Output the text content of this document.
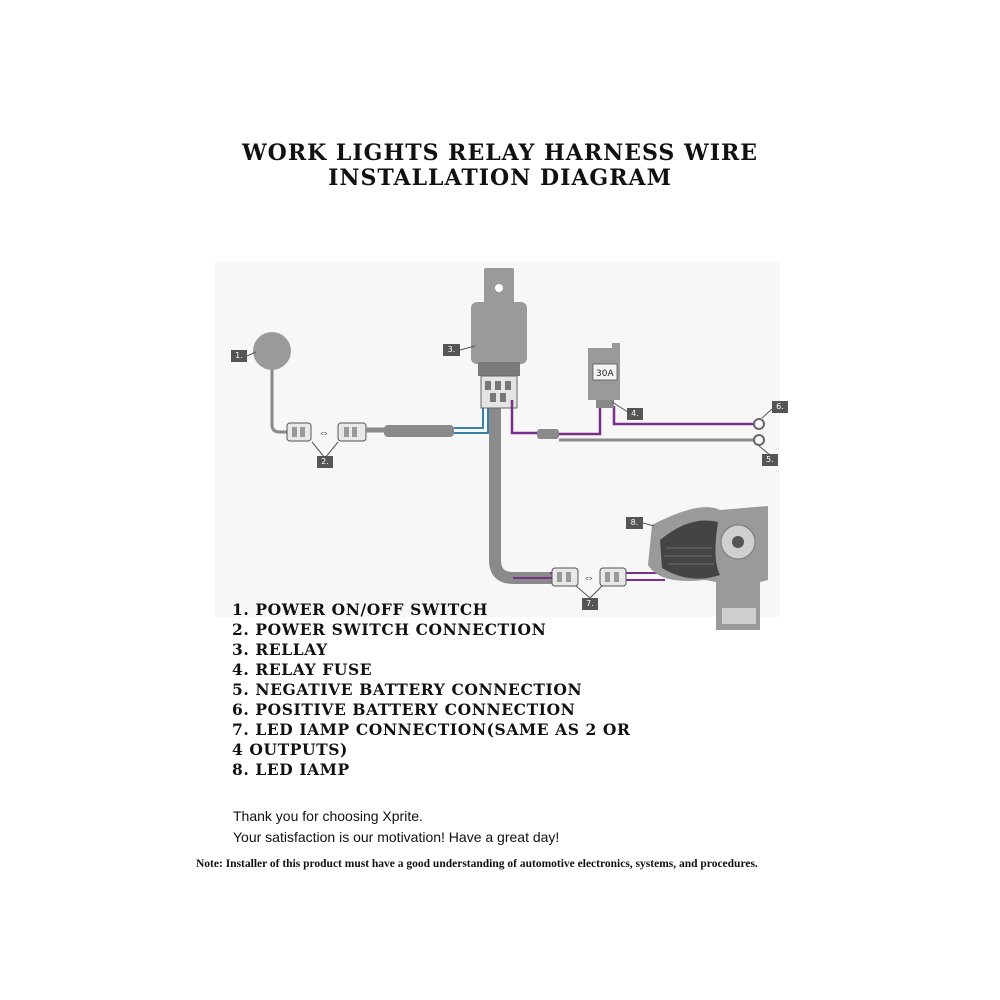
WORK LIGHTS RELAY HARNESS WIRE
INSTALLATION DIAGRAM
⇔
30A
⇔
1.
2.
3.
4.
5.
6.
7.
8.
1. POWER ON/OFF SWITCH
2. POWER SWITCH CONNECTION
3. RELLAY
4. RELAY FUSE
5. NEGATIVE BATTERY CONNECTION
6. POSITIVE BATTERY CONNECTION
7. LED IAMP CONNECTION(SAME AS 2 OR
4 OUTPUTS)
8. LED IAMP
Thank you for choosing Xprite.
Your satisfaction is our motivation! Have a great day!
Note: Installer of this product must have a good understanding of automotive electronics, systems, and procedures.
